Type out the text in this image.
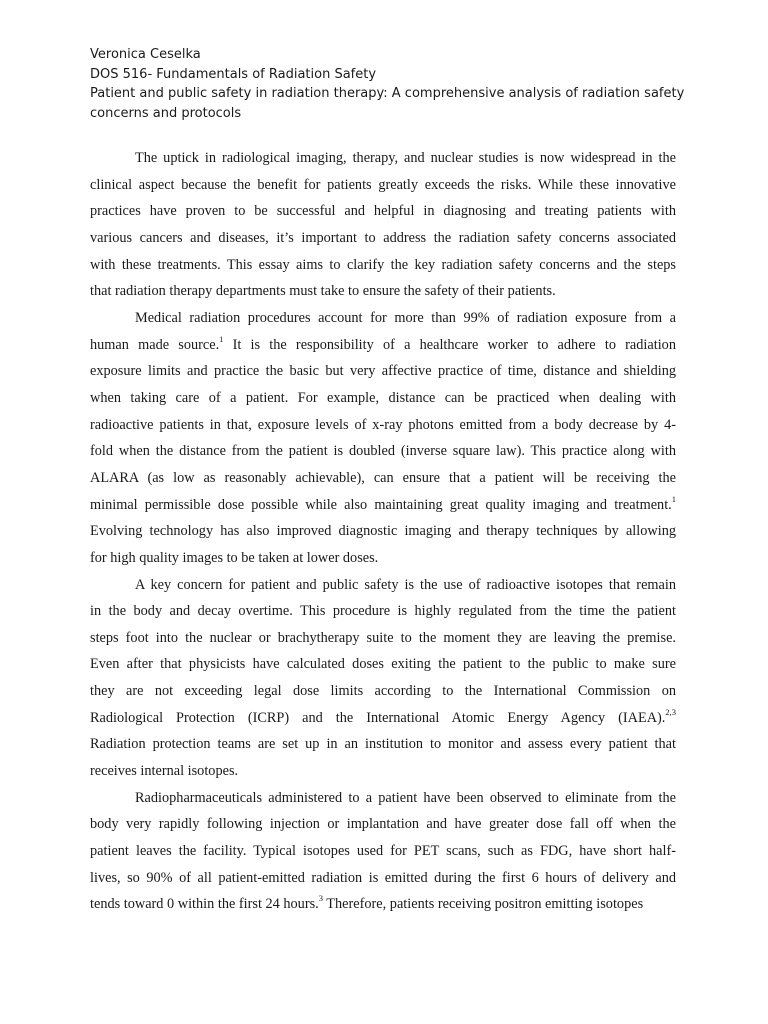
Veronica Ceselka
DOS 516- Fundamentals of Radiation Safety
Patient and public safety in radiation therapy: A comprehensive analysis of radiation safety concerns and protocols
The uptick in radiological imaging, therapy, and nuclear studies is now widespread in the
clinical aspect because the benefit for patients greatly exceeds the risks. While these innovative
practices have proven to be successful and helpful in diagnosing and treating patients with
various cancers and diseases, it’s important to address the radiation safety concerns associated
with these treatments. This essay aims to clarify the key radiation safety concerns and the steps
that radiation therapy departments must take to ensure the safety of their patients.
Medical radiation procedures account for more than 99% of radiation exposure from a
human made source.$^1$ It is the responsibility of a healthcare worker to adhere to radiation
exposure limits and practice the basic but very affective practice of time, distance and shielding
when taking care of a patient. For example, distance can be practiced when dealing with
radioactive patients in that, exposure levels of x-ray photons emitted from a body decrease by 4-
fold when the distance from the patient is doubled (inverse square law). This practice along with
ALARA (as low as reasonably achievable), can ensure that a patient will be receiving the
minimal permissible dose possible while also maintaining great quality imaging and treatment.$^1$
Evolving technology has also improved diagnostic imaging and therapy techniques by allowing
for high quality images to be taken at lower doses.
A key concern for patient and public safety is the use of radioactive isotopes that remain
in the body and decay overtime. This procedure is highly regulated from the time the patient
steps foot into the nuclear or brachytherapy suite to the moment they are leaving the premise.
Even after that physicists have calculated doses exiting the patient to the public to make sure
they are not exceeding legal dose limits according to the International Commission on
Radiological Protection (ICRP) and the International Atomic Energy Agency (IAEA).$^{2,3}$
Radiation protection teams are set up in an institution to monitor and assess every patient that
receives internal isotopes.
Radiopharmaceuticals administered to a patient have been observed to eliminate from the
body very rapidly following injection or implantation and have greater dose fall off when the
patient leaves the facility. Typical isotopes used for PET scans, such as FDG, have short half-
lives, so 90% of all patient-emitted radiation is emitted during the first 6 hours of delivery and
tends toward 0 within the first 24 hours.$^3$ Therefore, patients receiving positron emitting isotopes
